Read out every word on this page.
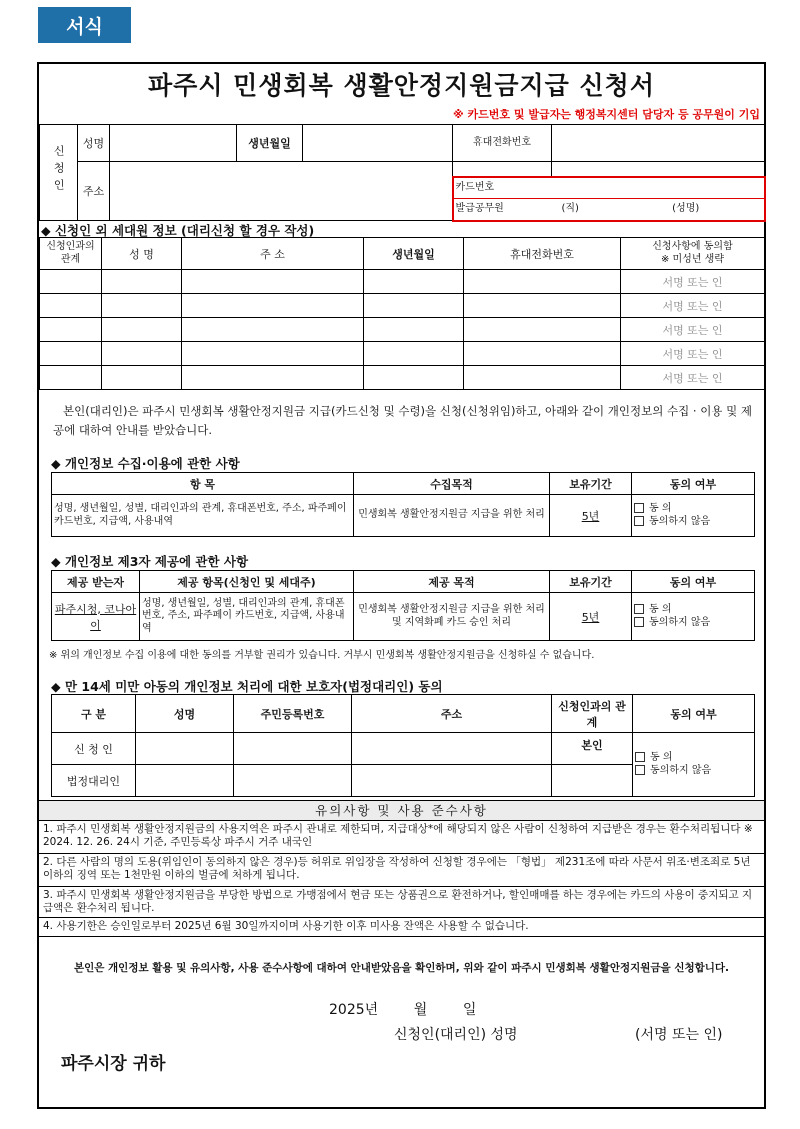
서식
파주시 민생회복 생활안정지원금지급 신청서
※ 카드번호 및 발급자는 행정복지센터 담당자 등 공무원이 기입
신청인	성명		생년월일		휴대전화번호	
	주소					
					카드번호	
					발급공무원	(직) (성명)
◆ 신청인 외 세대원 정보 (대리신청 할 경우 작성)
신청인과의 관계	성 명	주 소	생년월일	휴대전화번호	신청사항에 동의함
※ 미성년 생략

					서명 또는 인
					서명 또는 인
					서명 또는 인
					서명 또는 인
					서명 또는 인
본인(대리인)은 파주시 민생회복 생활안정지원금 지급(카드신청 및 수령)을 신청(신청위임)하고, 아래와 같이 개인정보의 수집 · 이용 및 제공에 대하여 안내를 받았습니다.
◆ 개인정보 수집·이용에 관한 사항
항 목	수집목적	보유기간	동의 여부
성명, 생년월일, 성별, 대리인과의 관계, 휴대폰번호, 주소, 파주페이 카드번호, 지급액, 사용내역	민생회복 생활안정지원금 지급을 위한 처리	5년	동 의
동의하지 않음
◆ 개인정보 제3자 제공에 관한 사항
제공 받는자	제공 항목(신청인 및 세대주)	제공 목적	보유기간	동의 여부
파주시청, 코나아이	성명, 생년월일, 성별, 대리인과의 관계, 휴대폰번호, 주소, 파주페이 카드번호, 지급액, 사용내역	민생회복 생활안정지원금 지급을 위한 처리 및 지역화폐 카드 승인 처리	5년	동 의
동의하지 않음
※ 위의 개인정보 수집 이용에 대한 동의를 거부할 권리가 있습니다. 거부시 민생회복 생활안정지원금을 신청하실 수 없습니다.
◆ 만 14세 미만 아동의 개인정보 처리에 대한 보호자(법정대리인) 동의
구 분	성명	주민등록번호	주소	신청인과의 관계	동의 여부
신 청 인				본인	동 의
동의하지 않음

법정대리인					
유의사항 및 사용 준수사항
1. 파주시 민생회복 생활안정지원금의 사용지역은 파주시 관내로 제한되며, 지급대상*에 해당되지 않은 사람이 신청하여 지급받은 경우는 환수처리됩니다 ※ 2024. 12. 26. 24시 기준, 주민등록상 파주시 거주 내국인
2. 다른 사람의 명의 도용(위임인이 동의하지 않은 경우)등 허위로 위임장을 작성하여 신청할 경우에는 「형법」 제231조에 따라 사문서 위조·변조죄로 5년 이하의 징역 또는 1천만원 이하의 벌금에 처하게 됩니다.
3. 파주시 민생회복 생활안정지원금을 부당한 방법으로 가맹점에서 현금 또는 상품권으로 환전하거나, 할인매매를 하는 경우에는 카드의 사용이 중지되고 지급액은 환수처리 됩니다.
4. 사용기한은 승인일로부터 2025년 6월 30일까지이며 사용기한 이후 미사용 잔액은 사용할 수 없습니다.
본인은 개인정보 활용 및 유의사항, 사용 준수사항에 대하여 안내받았음을 확인하며, 위와 같이 파주시 민생회복 생활안정지원금을 신청합니다.
2025년        월        일
신청인(대리인) 성명	(서명 또는 인)
파주시장 귀하
